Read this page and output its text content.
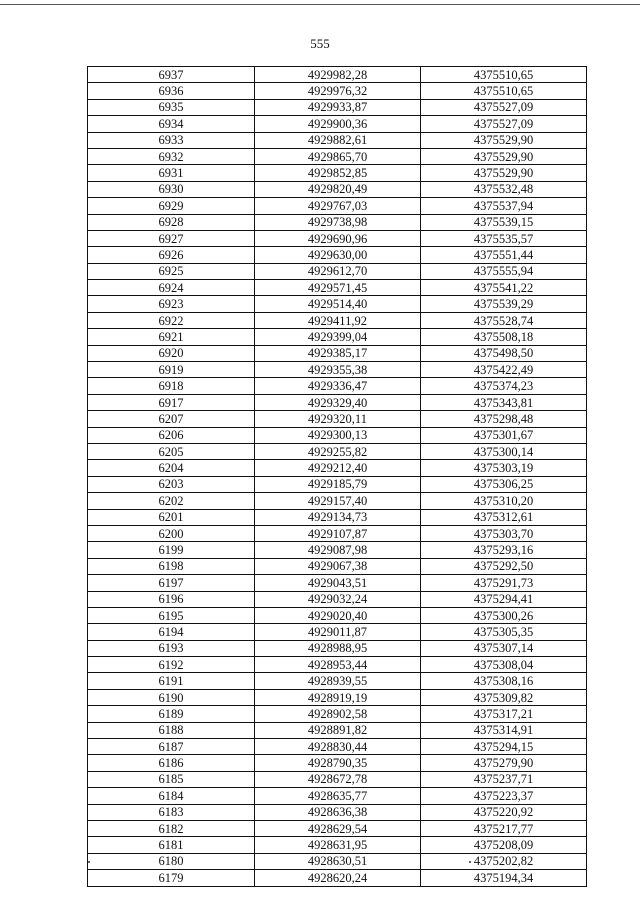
555
6937	4929982,28	4375510,65
6936	4929976,32	4375510,65
6935	4929933,87	4375527,09
6934	4929900,36	4375527,09
6933	4929882,61	4375529,90
6932	4929865,70	4375529,90
6931	4929852,85	4375529,90
6930	4929820,49	4375532,48
6929	4929767,03	4375537,94
6928	4929738,98	4375539,15
6927	4929690,96	4375535,57
6926	4929630,00	4375551,44
6925	4929612,70	4375555,94
6924	4929571,45	4375541,22
6923	4929514,40	4375539,29
6922	4929411,92	4375528,74
6921	4929399,04	4375508,18
6920	4929385,17	4375498,50
6919	4929355,38	4375422,49
6918	4929336,47	4375374,23
6917	4929329,40	4375343,81
6207	4929320,11	4375298,48
6206	4929300,13	4375301,67
6205	4929255,82	4375300,14
6204	4929212,40	4375303,19
6203	4929185,79	4375306,25
6202	4929157,40	4375310,20
6201	4929134,73	4375312,61
6200	4929107,87	4375303,70
6199	4929087,98	4375293,16
6198	4929067,38	4375292,50
6197	4929043,51	4375291,73
6196	4929032,24	4375294,41
6195	4929020,40	4375300,26
6194	4929011,87	4375305,35
6193	4928988,95	4375307,14
6192	4928953,44	4375308,04
6191	4928939,55	4375308,16
6190	4928919,19	4375309,82
6189	4928902,58	4375317,21
6188	4928891,82	4375314,91
6187	4928830,44	4375294,15
6186	4928790,35	4375279,90
6185	4928672,78	4375237,71
6184	4928635,77	4375223,37
6183	4928636,38	4375220,92
6182	4928629,54	4375217,77
6181	4928631,95	4375208,09
6180	4928630,51	4375202,82
6179	4928620,24	4375194,34
